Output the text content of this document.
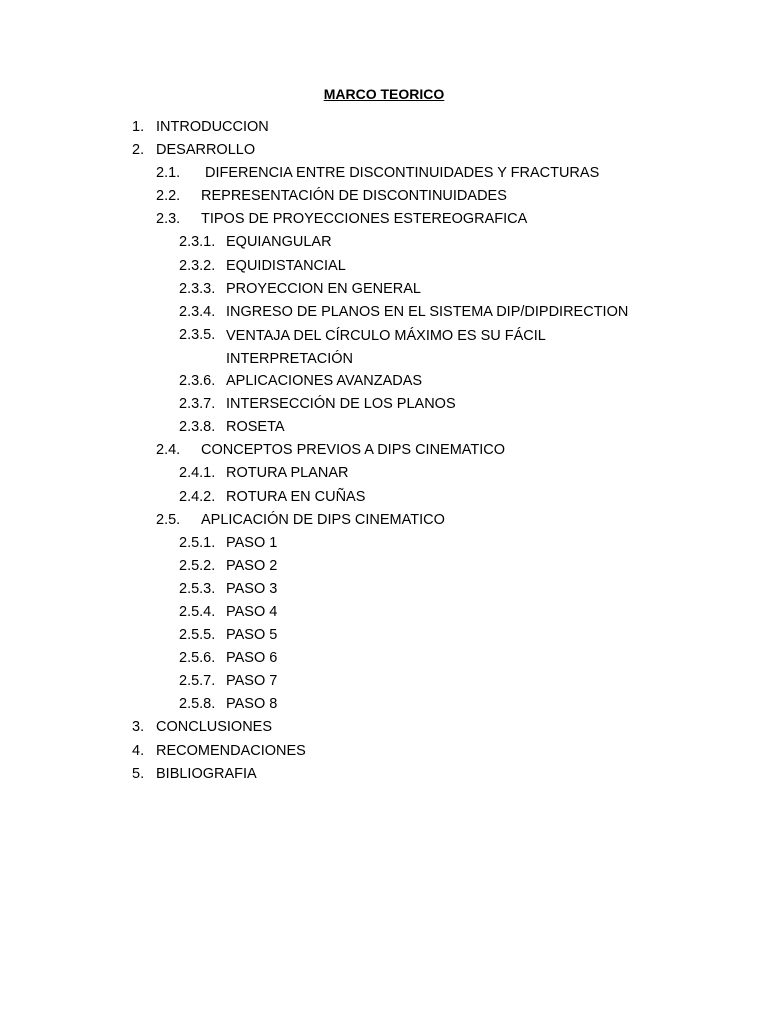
MARCO TEORICO
1. INTRODUCCION
2. DESARROLLO
2.1. DIFERENCIA ENTRE DISCONTINUIDADES Y FRACTURAS
2.2. REPRESENTACIÓN DE DISCONTINUIDADES
2.3. TIPOS DE PROYECCIONES ESTEREOGRAFICA
2.3.1. EQUIANGULAR
2.3.2. EQUIDISTANCIAL
2.3.3. PROYECCION EN GENERAL
2.3.4. INGRESO DE PLANOS EN EL SISTEMA DIP/DIPDIRECTION
2.3.5. VENTAJA DEL CÍRCULO MÁXIMO ES SU FÁCIL INTERPRETACIÓN
2.3.6. APLICACIONES AVANZADAS
2.3.7. INTERSECCIÓN DE LOS PLANOS
2.3.8. ROSETA
2.4. CONCEPTOS PREVIOS A DIPS CINEMATICO
2.4.1. ROTURA PLANAR
2.4.2. ROTURA EN CUÑAS
2.5. APLICACIÓN DE DIPS CINEMATICO
2.5.1. PASO 1
2.5.2. PASO 2
2.5.3. PASO 3
2.5.4. PASO 4
2.5.5. PASO 5
2.5.6. PASO 6
2.5.7. PASO 7
2.5.8. PASO 8
3. CONCLUSIONES
4. RECOMENDACIONES
5. BIBLIOGRAFIA
